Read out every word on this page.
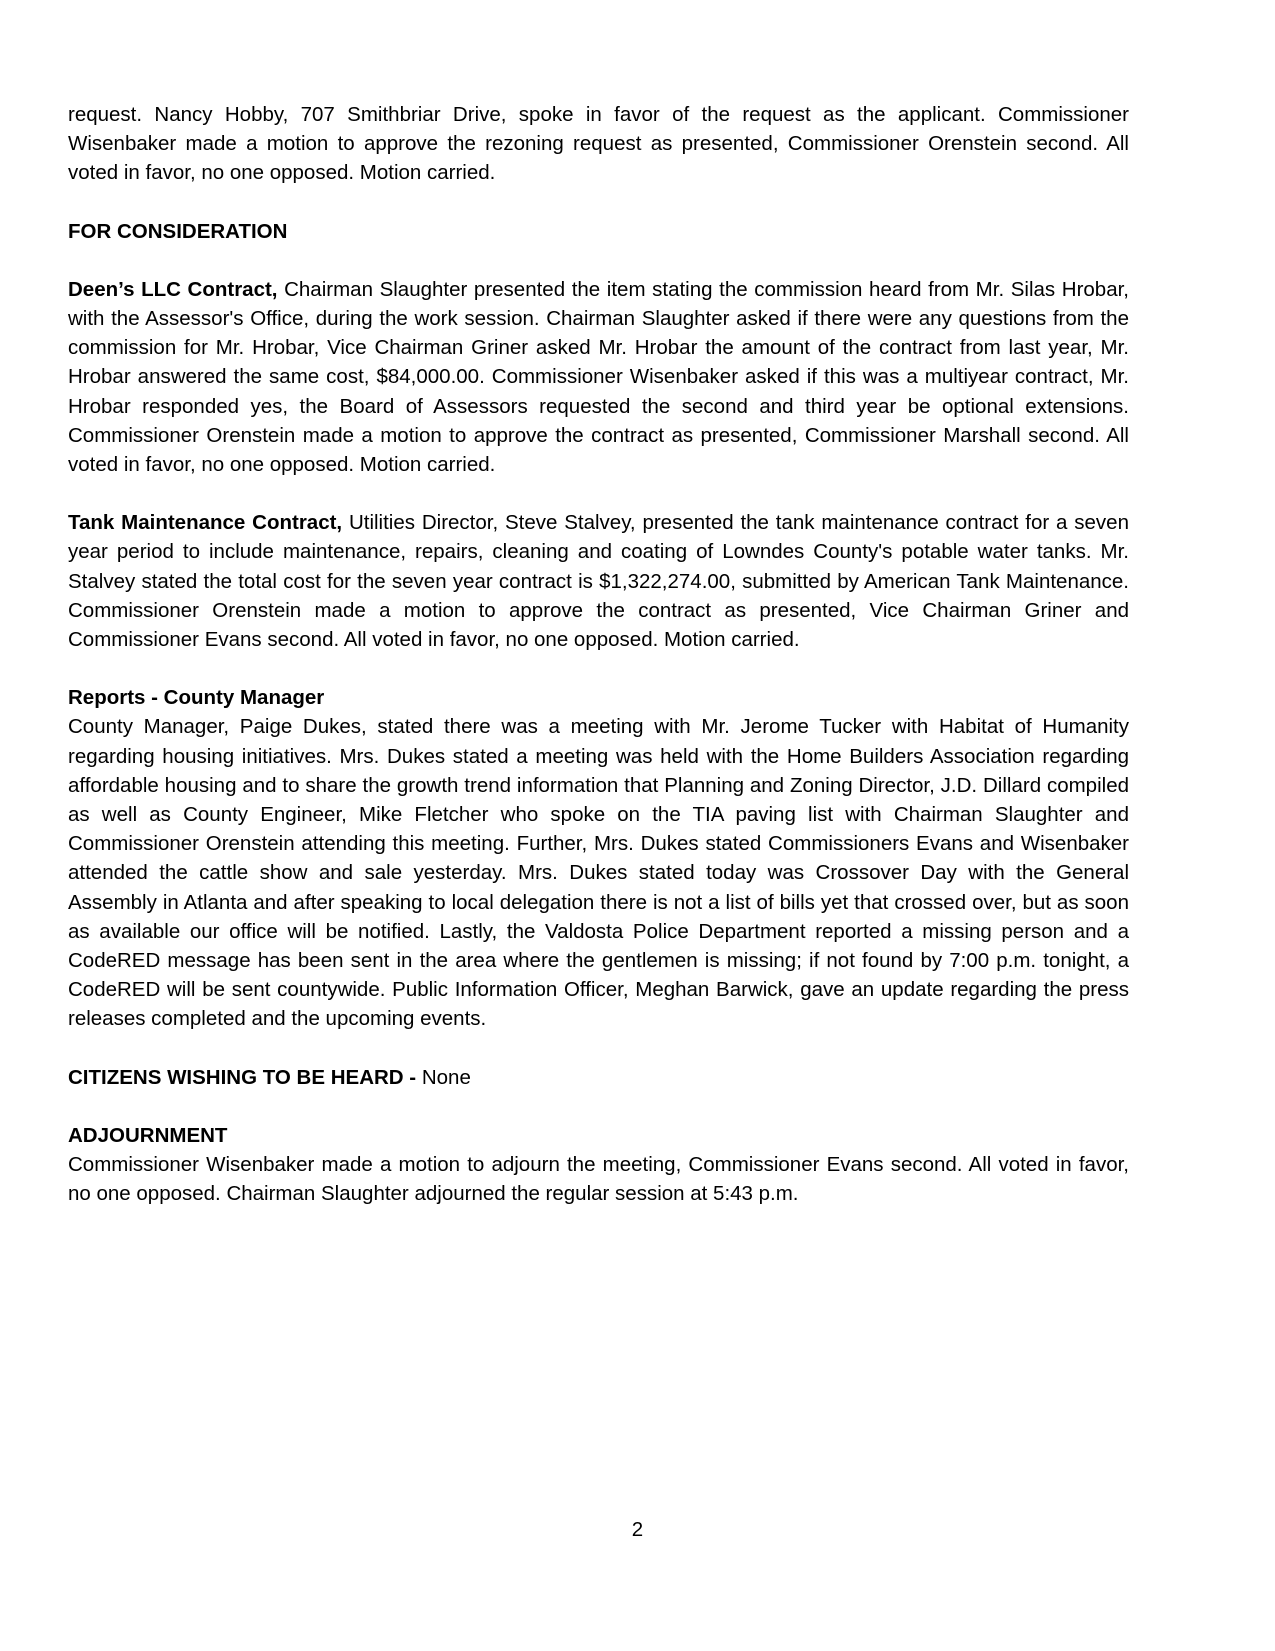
request. Nancy Hobby, 707 Smithbriar Drive, spoke in favor of the request as the applicant. Commissioner Wisenbaker made a motion to approve the rezoning request as presented, Commissioner Orenstein second. All voted in favor, no one opposed. Motion carried.

FOR CONSIDERATION

Deen’s LLC Contract, Chairman Slaughter presented the item stating the commission heard from Mr. Silas Hrobar, with the Assessor's Office, during the work session. Chairman Slaughter asked if there were any questions from the commission for Mr. Hrobar, Vice Chairman Griner asked Mr. Hrobar the amount of the contract from last year, Mr. Hrobar answered the same cost, $84,000.00. Commissioner Wisenbaker asked if this was a multiyear contract, Mr. Hrobar responded yes, the Board of Assessors requested the second and third year be optional extensions. Commissioner Orenstein made a motion to approve the contract as presented, Commissioner Marshall second. All voted in favor, no one opposed. Motion carried.

Tank Maintenance Contract, Utilities Director, Steve Stalvey, presented the tank maintenance contract for a seven year period to include maintenance, repairs, cleaning and coating of Lowndes County's potable water tanks. Mr. Stalvey stated the total cost for the seven year contract is $1,322,274.00, submitted by American Tank Maintenance. Commissioner Orenstein made a motion to approve the contract as presented, Vice Chairman Griner and Commissioner Evans second. All voted in favor, no one opposed. Motion carried.

Reports - County Manager

County Manager, Paige Dukes, stated there was a meeting with Mr. Jerome Tucker with Habitat of Humanity regarding housing initiatives. Mrs. Dukes stated a meeting was held with the Home Builders Association regarding affordable housing and to share the growth trend information that Planning and Zoning Director, J.D. Dillard compiled as well as County Engineer, Mike Fletcher who spoke on the TIA paving list with Chairman Slaughter and Commissioner Orenstein attending this meeting. Further, Mrs. Dukes stated Commissioners Evans and Wisenbaker attended the cattle show and sale yesterday. Mrs. Dukes stated today was Crossover Day with the General Assembly in Atlanta and after speaking to local delegation there is not a list of bills yet that crossed over, but as soon as available our office will be notified. Lastly, the Valdosta Police Department reported a missing person and a CodeRED message has been sent in the area where the gentlemen is missing; if not found by 7:00 p.m. tonight, a CodeRED will be sent countywide. Public Information Officer, Meghan Barwick, gave an update regarding the press releases completed and the upcoming events.

CITIZENS WISHING TO BE HEARD - None

ADJOURNMENT

Commissioner Wisenbaker made a motion to adjourn the meeting, Commissioner Evans second. All voted in favor, no one opposed. Chairman Slaughter adjourned the regular session at 5:43 p.m.

2
